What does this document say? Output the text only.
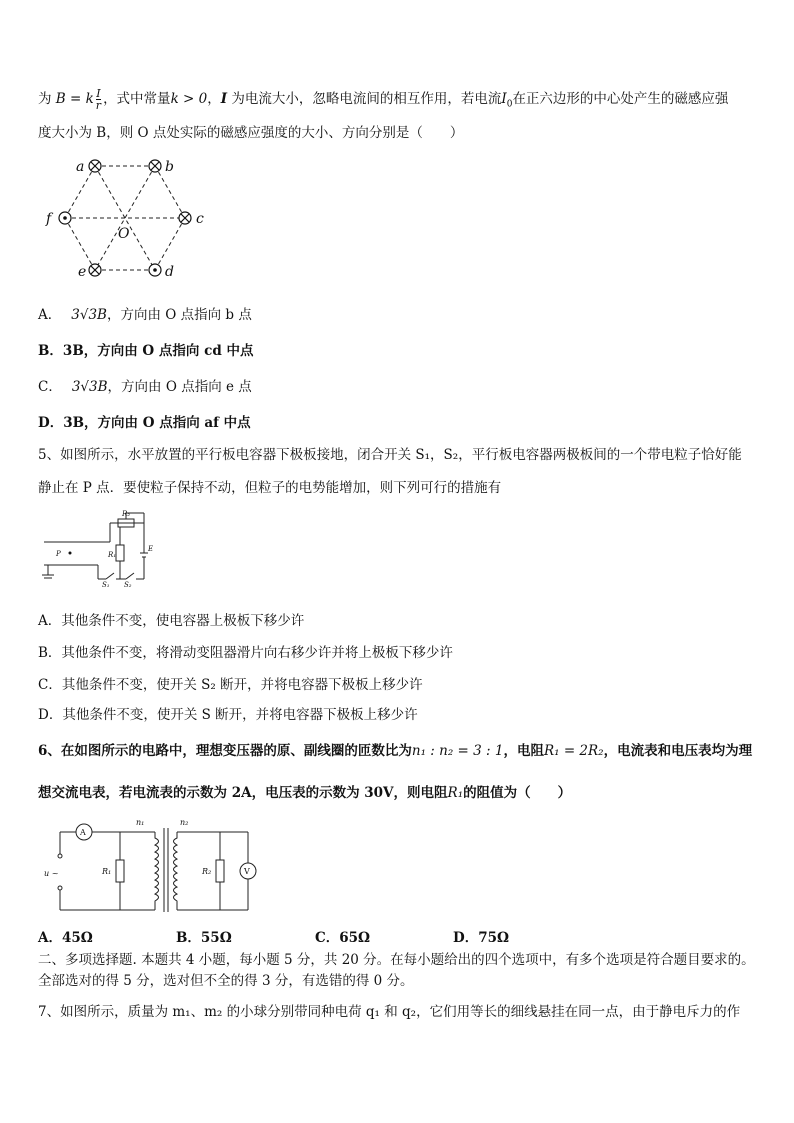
为 B = k $\frac{I}{r}$ ，式中常量k > 0，I 为电流大小，忽略电流间的相互作用，若电流$I_0$在正六边形的中心处产生的磁感应强
度大小为 B，则 O 点处实际的磁感应强度的大小、方向分别是（　　）
a	b
c
d
e
f
O
A． 3√3B，方向由 O 点指向 b 点
B．3B，方向由 O 点指向 cd 中点
C． 3√3B，方向由 O 点指向 e 点
D．3B，方向由 O 点指向 af 中点
5、如图所示，水平放置的平行板电容器下极板接地，闭合开关 S₁，S₂，平行板电容器两极板间的一个带电粒子恰好能
静止在 P 点．要使粒子保持不动，但粒子的电势能增加，则下列可行的措施有
P
R₂
R₁
E
S₁ S₂
A．其他条件不变，使电容器上极板下移少许
B．其他条件不变，将滑动变阻器滑片向右移少许并将上极板下移少许
C．其他条件不变，使开关 S₂ 断开，并将电容器下极板上移少许
D．其他条件不变，使开关 S 断开，并将电容器下极板上移少许
6、在如图所示的电路中，理想变压器的原、副线圈的匝数比为n₁ : n₂ = 3 : 1，电阻R₁ = 2R₂，电流表和电压表均为理
想交流电表，若电流表的示数为 2A，电压表的示数为 30V，则电阻R₁的阻值为（　　）
A
n₁	n₂
u ~	R₁	R₂	V
A．45Ω	B．55Ω	C．65Ω	D．75Ω
二、多项选择题. 本题共 4 小题，每小题 5 分，共 20 分。在每小题给出的四个选项中，有多个选项是符合题目要求的。
全部选对的得 5 分，选对但不全的得 3 分，有选错的得 0 分。
7、如图所示，质量为 m₁、m₂ 的小球分别带同种电荷 q₁ 和 q₂，它们用等长的细线悬挂在同一点，由于静电斥力的作
